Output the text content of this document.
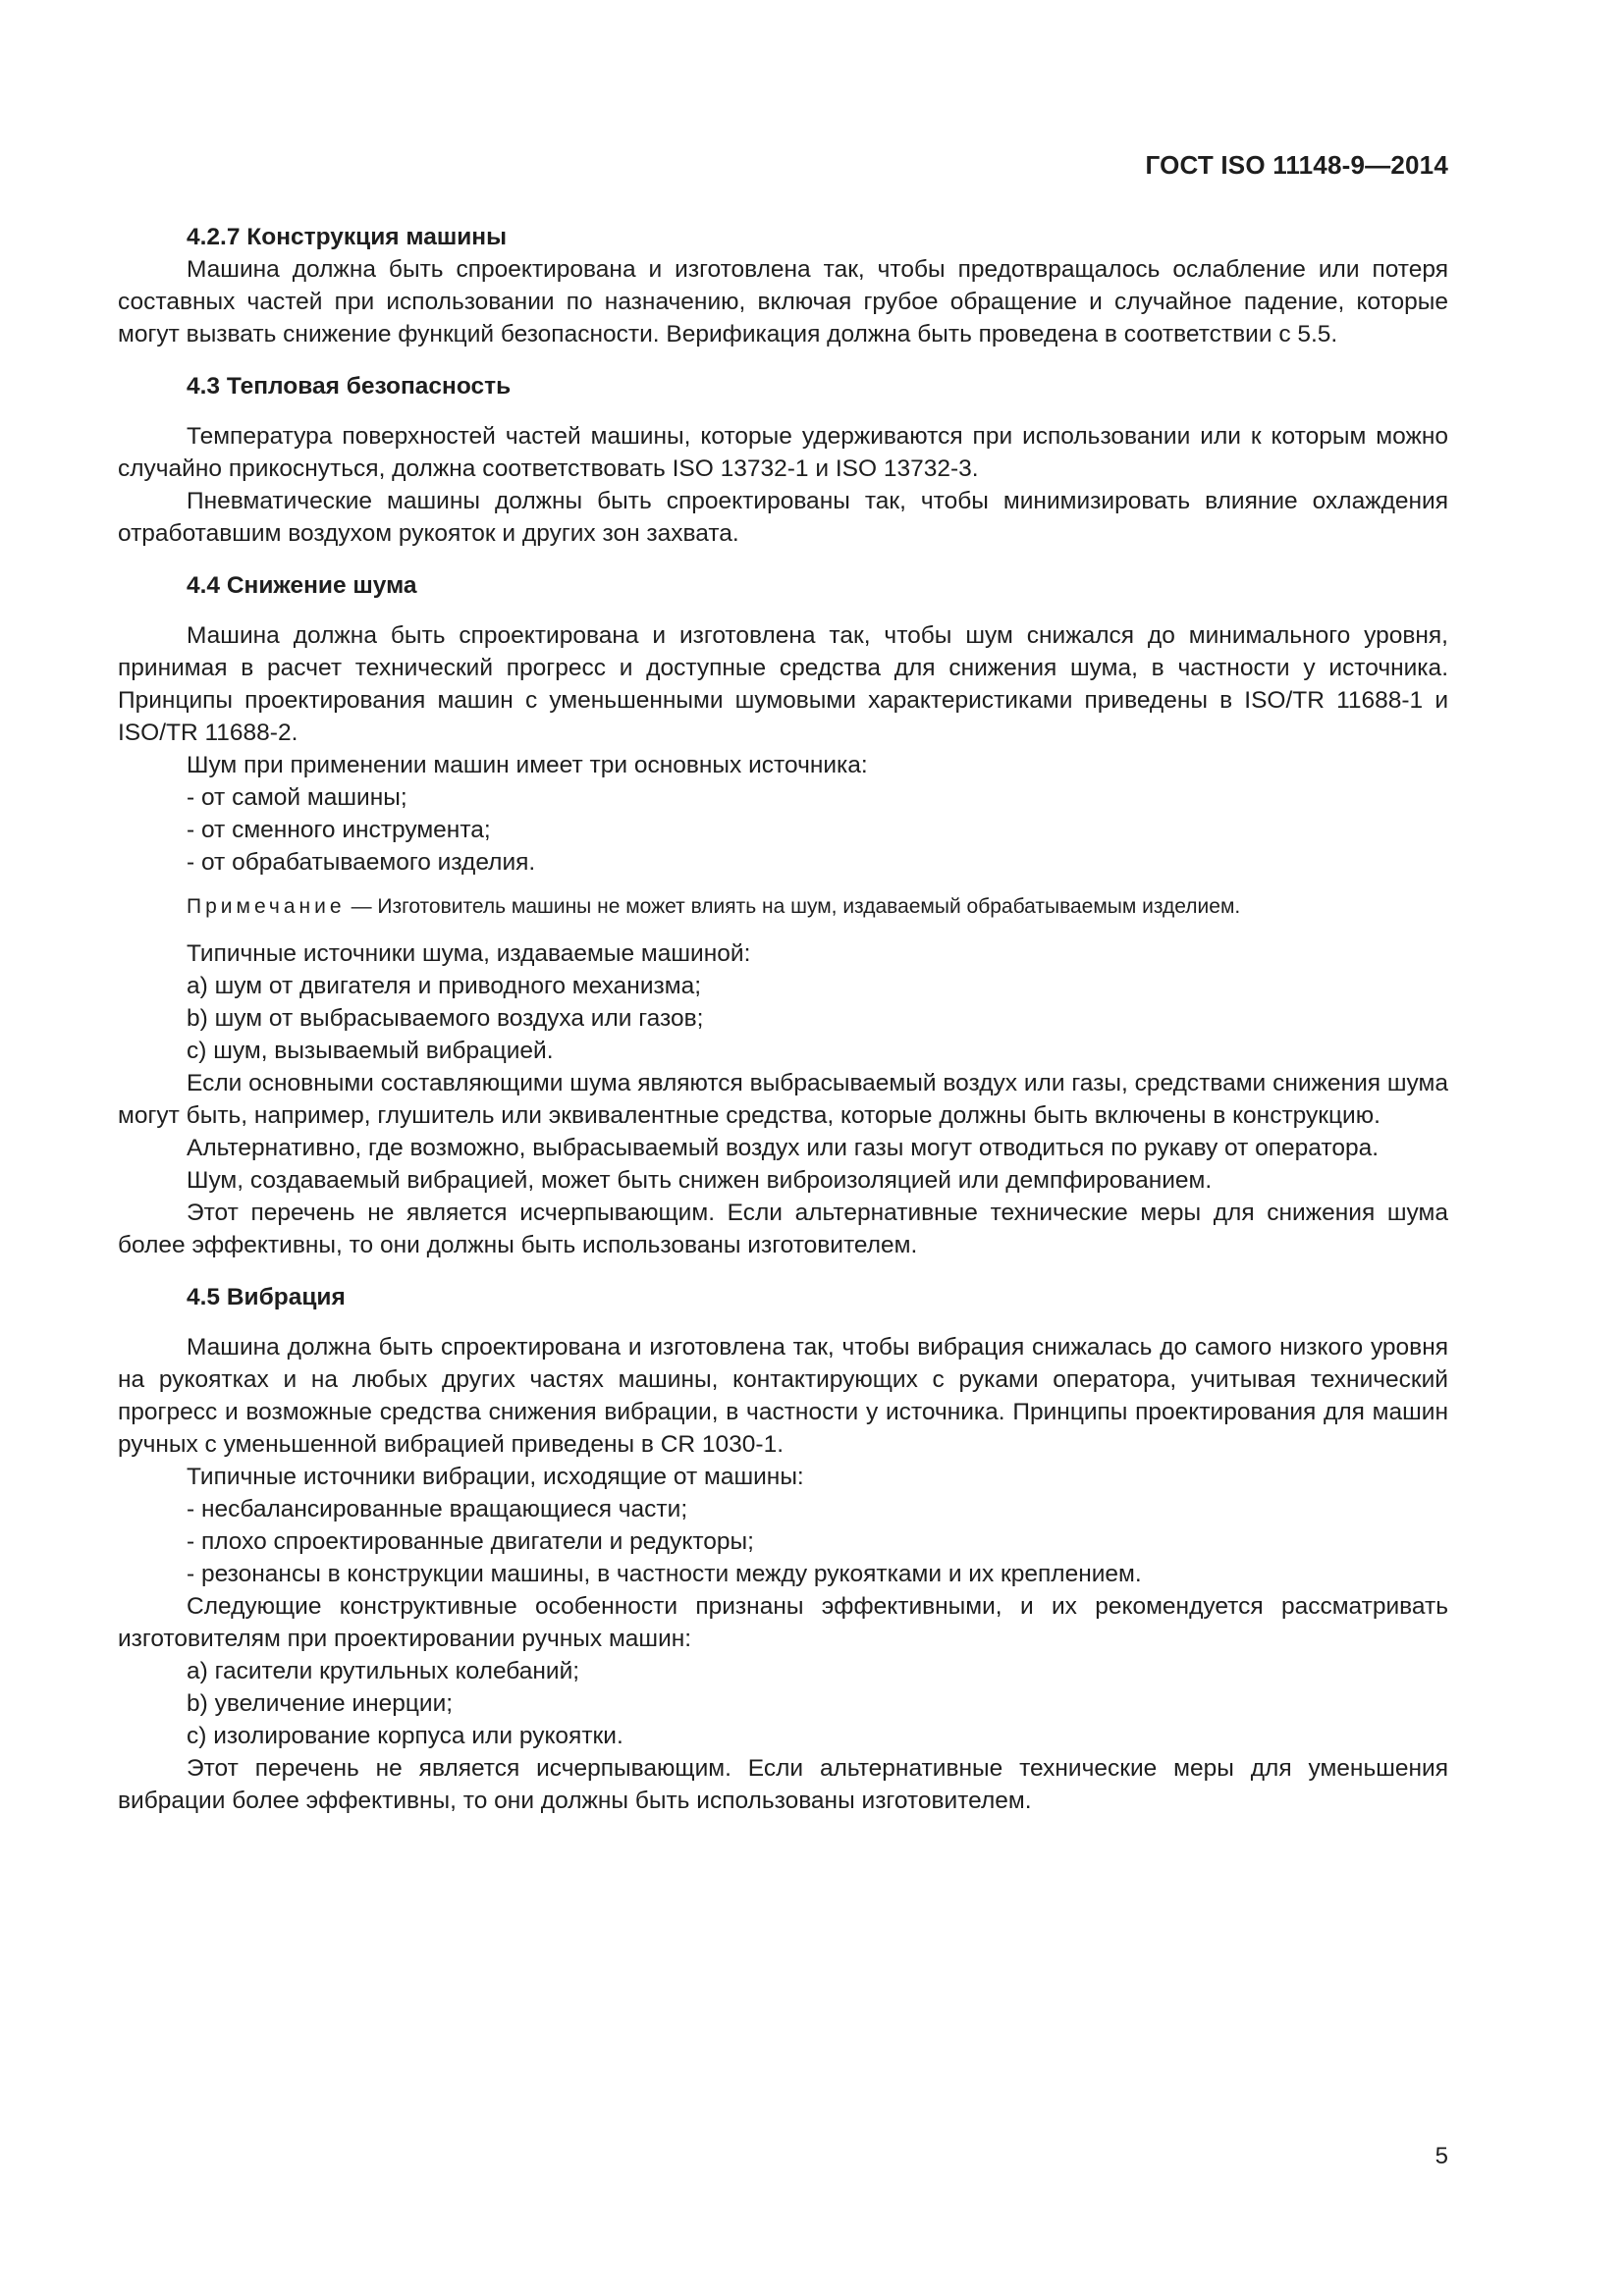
ГОСТ ISO 11148-9—2014
4.2.7 Конструкция машины

Машина должна быть спроектирована и изготовлена так, чтобы предотвращалось ослабление или потеря составных частей при использовании по назначению, включая грубое обращение и случайное падение, которые могут вызвать снижение функций безопасности. Верификация должна быть проведена в соответствии с 5.5.

4.3 Тепловая безопасность

Температура поверхностей частей машины, которые удерживаются при использовании или к которым можно случайно прикоснуться, должна соответствовать ISO 13732-1 и ISO 13732-3.

Пневматические машины должны быть спроектированы так, чтобы минимизировать влияние охлаждения отработавшим воздухом рукояток и других зон захвата.

4.4 Снижение шума

Машина должна быть спроектирована и изготовлена так, чтобы шум снижался до минимального уровня, принимая в расчет технический прогресс и доступные средства для снижения шума, в частности у источника. Принципы проектирования машин с уменьшенными шумовыми характеристиками приведены в ISO/TR 11688-1 и ISO/TR 11688-2.

Шум при применении машин имеет три основных источника:

- от самой машины;
- от сменного инструмента;
- от обрабатываемого изделия.
Примечание — Изготовитель машины не может влиять на шум, издаваемый обрабатываемым изделием.

Типичные источники шума, издаваемые машиной:

a) шум от двигателя и приводного механизма;
b) шум от выбрасываемого воздуха или газов;
c) шум, вызываемый вибрацией.

Если основными составляющими шума являются выбрасываемый воздух или газы, средствами снижения шума могут быть, например, глушитель или эквивалентные средства, которые должны быть включены в конструкцию.

Альтернативно, где возможно, выбрасываемый воздух или газы могут отводиться по рукаву от оператора.

Шум, создаваемый вибрацией, может быть снижен виброизоляцией или демпфированием.

Этот перечень не является исчерпывающим. Если альтернативные технические меры для снижения шума более эффективны, то они должны быть использованы изготовителем.

4.5 Вибрация

Машина должна быть спроектирована и изготовлена так, чтобы вибрация снижалась до самого низкого уровня на рукоятках и на любых других частях машины, контактирующих с руками оператора, учитывая технический прогресс и возможные средства снижения вибрации, в частности у источника. Принципы проектирования для машин ручных с уменьшенной вибрацией приведены в CR 1030-1.

Типичные источники вибрации, исходящие от машины:

- несбалансированные вращающиеся части;
- плохо спроектированные двигатели и редукторы;
- резонансы в конструкции машины, в частности между рукоятками и их креплением.

Следующие конструктивные особенности признаны эффективными, и их рекомендуется рассматривать изготовителям при проектировании ручных машин:

a) гасители крутильных колебаний;
b) увеличение инерции;
c) изолирование корпуса или рукоятки.

Этот перечень не является исчерпывающим. Если альтернативные технические меры для уменьшения вибрации более эффективны, то они должны быть использованы изготовителем.

5
